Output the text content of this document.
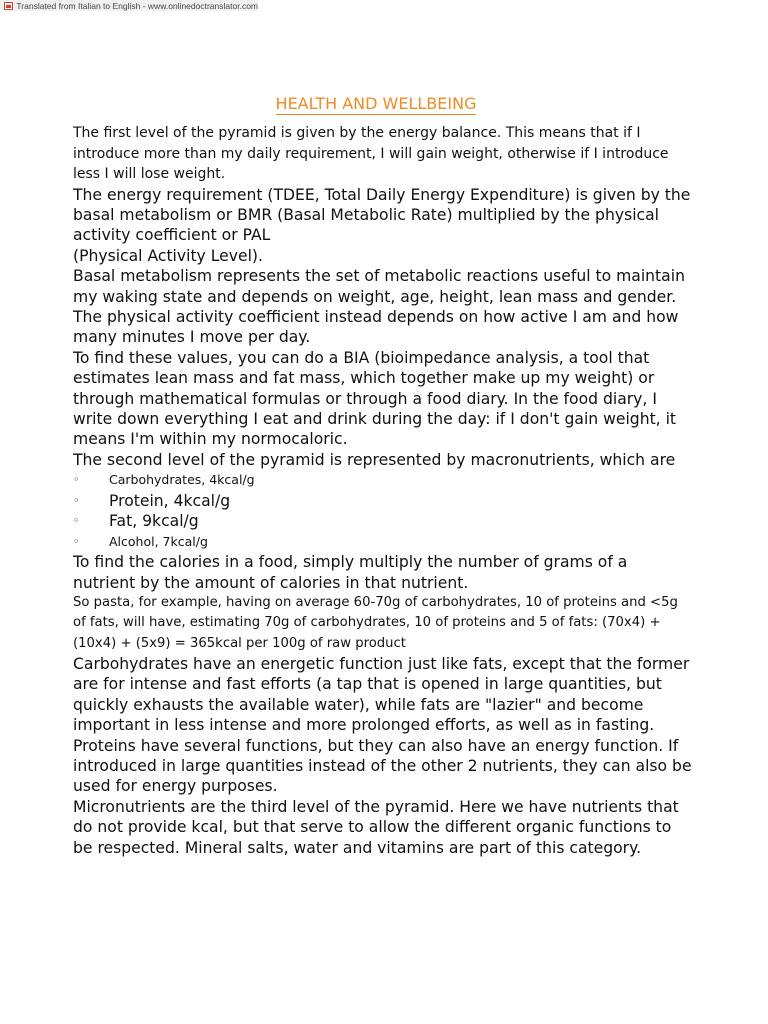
Translated from Italian to English - www.onlinedoctranslator.com
HEALTH AND WELLBEING

The first level of the pyramid is given by the energy balance. This means that if I introduce more than my daily requirement, I will gain weight, otherwise if I introduce less I will lose weight.

The energy requirement (TDEE, Total Daily Energy Expenditure) is given by the basal metabolism or BMR (Basal Metabolic Rate) multiplied by the physical activity coefficient or PAL

(Physical Activity Level).

Basal metabolism represents the set of metabolic reactions useful to maintain my waking state and depends on weight, age, height, lean mass and gender. The physical activity coefficient instead depends on how active I am and how many minutes I move per day.

To find these values, you can do a BIA (bioimpedance analysis, a tool that estimates lean mass and fat mass, which together make up my weight) or through mathematical formulas or through a food diary. In the food diary, I write down everything I eat and drink during the day: if I don't gain weight, it means I'm within my normocaloric.

The second level of the pyramid is represented by macronutrients, which are

◦ Carbohydrates, 4kcal/g
◦ Protein, 4kcal/g
◦ Fat, 9kcal/g
◦ Alcohol, 7kcal/g

To find the calories in a food, simply multiply the number of grams of a nutrient by the amount of calories in that nutrient.

So pasta, for example, having on average 60-70g of carbohydrates, 10 of proteins and <5g of fats, will have, estimating 70g of carbohydrates, 10 of proteins and 5 of fats: (70x4) + (10x4) + (5x9) = 365kcal per 100g of raw product

Carbohydrates have an energetic function just like fats, except that the former are for intense and fast efforts (a tap that is opened in large quantities, but quickly exhausts the available water), while fats are "lazier" and become important in less intense and more prolonged efforts, as well as in fasting.

Proteins have several functions, but they can also have an energy function. If introduced in large quantities instead of the other 2 nutrients, they can also be used for energy purposes.

Micronutrients are the third level of the pyramid. Here we have nutrients that do not provide kcal, but that serve to allow the different organic functions to be respected. Mineral salts, water and vitamins are part of this category.
